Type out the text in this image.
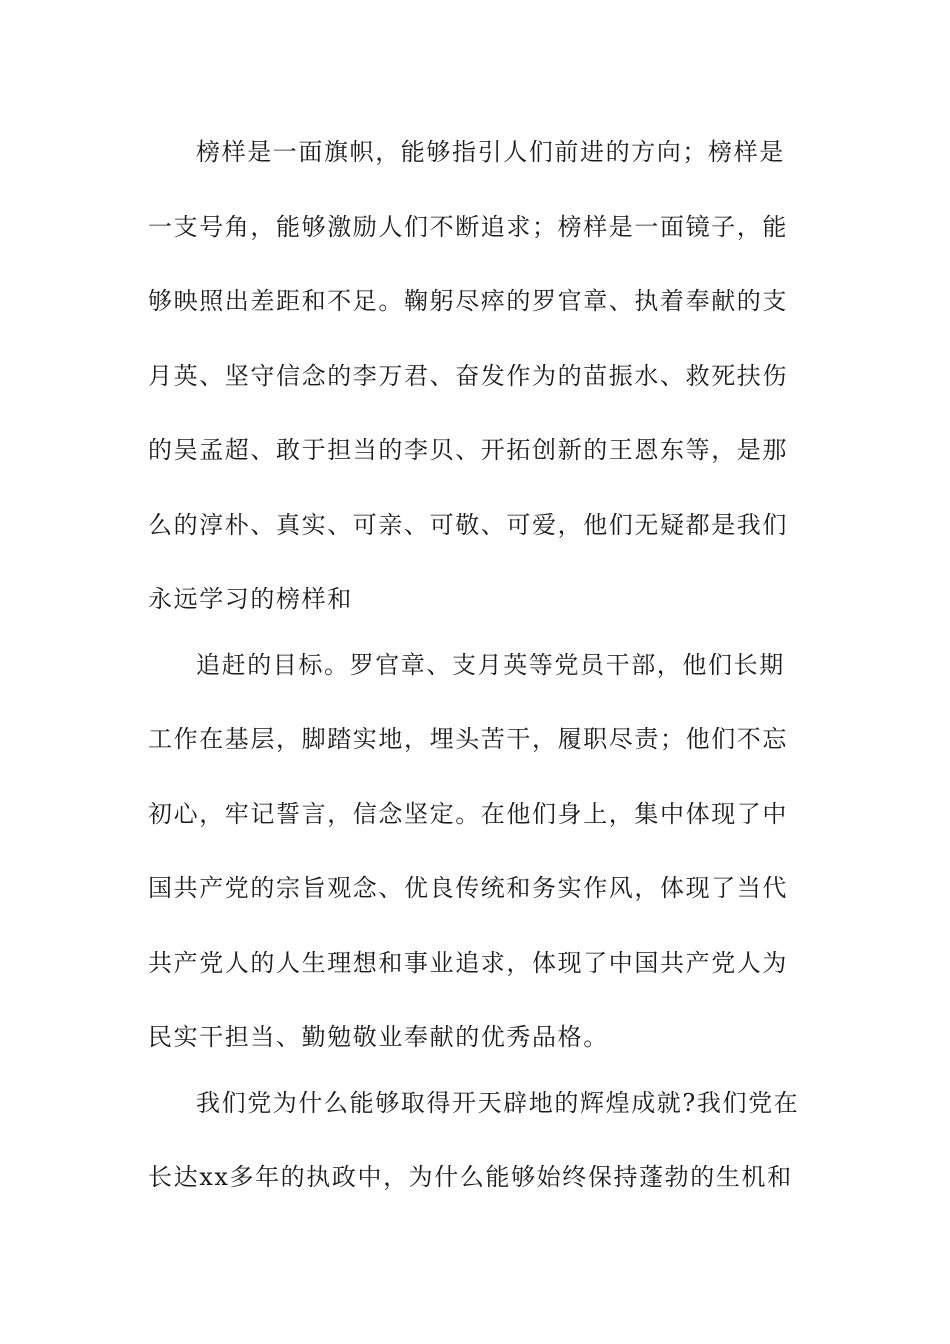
榜样是一面旗帜，能够指引人们前进的方向；榜样是
一支号角，能够激励人们不断追求；榜样是一面镜子，能
够映照出差距和不足。鞠躬尽瘁的罗官章、执着奉献的支
月英、坚守信念的李万君、奋发作为的苗振水、救死扶伤
的吴孟超、敢于担当的李贝、开拓创新的王恩东等，是那
么的淳朴、真实、可亲、可敬、可爱，他们无疑都是我们
永远学习的榜样和
追赶的目标。罗官章、支月英等党员干部，他们长期
工作在基层，脚踏实地，埋头苦干，履职尽责；他们不忘
初心，牢记誓言，信念坚定。在他们身上，集中体现了中
国共产党的宗旨观念、优良传统和务实作风，体现了当代
共产党人的人生理想和事业追求，体现了中国共产党人为
民实干担当、勤勉敬业奉献的优秀品格。
我们党为什么能够取得开天辟地的辉煌成就?我们党在
长达xx多年的执政中，为什么能够始终保持蓬勃的生机和
